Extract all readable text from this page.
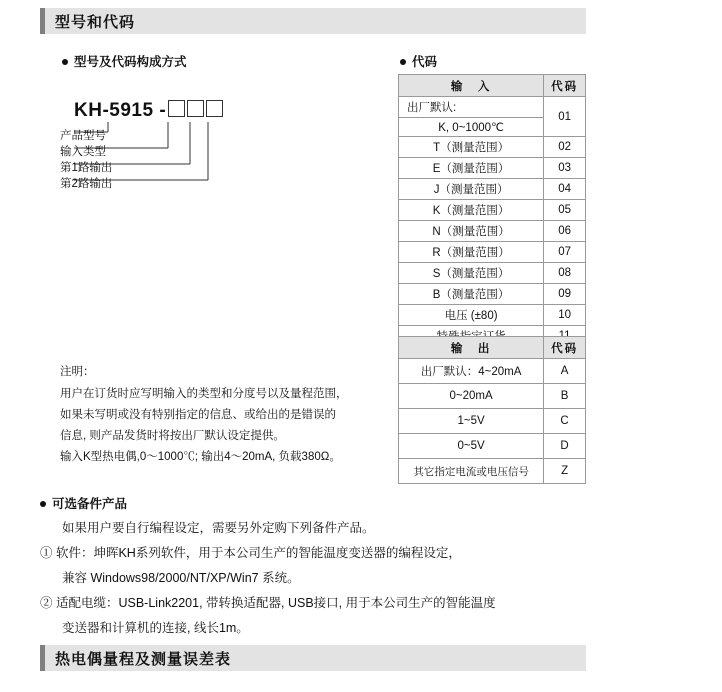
型号和代码
型号及代码构成方式
KH-5915 -
产品型号
输入类型
第1路输出
第2路输出
注明：
用户在订货时应写明输入的类型和分度号以及量程范围，
如果未写明或没有特别指定的信息、或给出的是错误的
信息, 则产品发货时将按出厂默认设定提供。
输入K型热电偶,0～1000℃; 输出4～20mA, 负载380Ω。
代码
输　入	代码
出厂默认:	01
K, 0~1000℃	
T（测量范围）	02
E（测量范围）	03
J（测量范围）	04
K（测量范围）	05
N（测量范围）	06
R（测量范围）	07
S（测量范围）	08
B（测量范围）	09
电压 (±80)	10

输　出	代码
出厂默认：4~20mA	A
0~20mA	B
1~5V	C
0~5V	D
其它指定电流或电压信号	Z
可选备件产品

如果用户要自行编程设定，需要另外定购下列备件产品。

① 软件：坤晖KH系列软件，用于本公司生产的智能温度变送器的编程设定，

兼容 Windows98/2000/NT/XP/Win7 系统。

② 适配电缆：USB-Link2201, 带转换适配器, USB接口, 用于本公司生产的智能温度

变送器和计算机的连接, 线长1m。

热电偶量程及测量误差表
